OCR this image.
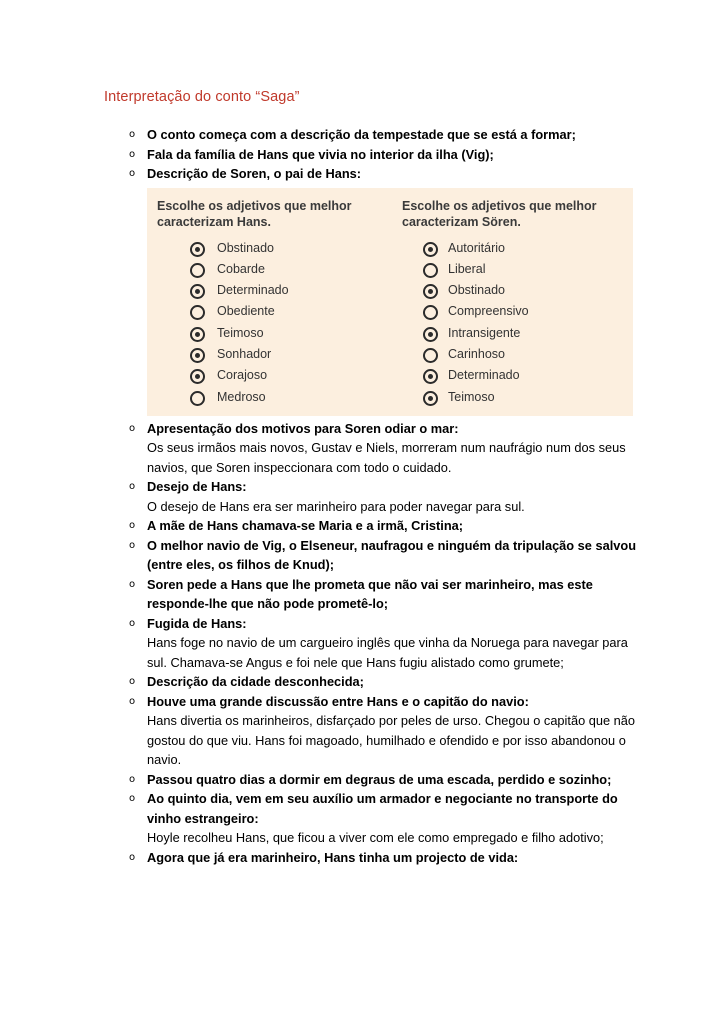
Interpretação do conto “Saga”
o O conto começa com a descrição da tempestade que se está a formar;
o Fala da família de Hans que vivia no interior da ilha (Vig);
o Descrição de Soren, o pai de Hans:
Escolhe os adjetivos que melhor caracterizam Hans.
Obstinado
Cobarde
Determinado
Obediente
Teimoso
Sonhador
Corajoso
Medroso
Escolhe os adjetivos que melhor caracterizam Sören.
Autoritário
Liberal
Obstinado
Compreensivo
Intransigente
Carinhoso
Determinado
Teimoso
o Apresentação dos motivos para Soren odiar o mar:
Os seus irmãos mais novos, Gustav e Niels, morreram num naufrágio num dos seus navios, que Soren inspeccionara com todo o cuidado.
o Desejo de Hans:
O desejo de Hans era ser marinheiro para poder navegar para sul.
o A mãe de Hans chamava-se Maria e a irmã, Cristina;
o O melhor navio de Vig, o Elseneur, naufragou e ninguém da tripulação se salvou (entre eles, os filhos de Knud);
o Soren pede a Hans que lhe prometa que não vai ser marinheiro, mas este responde-lhe que não pode prometê-lo;
o Fugida de Hans:
Hans foge no navio de um cargueiro inglês que vinha da Noruega para navegar para sul. Chamava-se Angus e foi nele que Hans fugiu alistado como grumete;
o Descrição da cidade desconhecida;
o Houve uma grande discussão entre Hans e o capitão do navio:
Hans divertia os marinheiros, disfarçado por peles de urso. Chegou o capitão que não gostou do que viu. Hans foi magoado, humilhado e ofendido e por isso abandonou o navio.
o Passou quatro dias a dormir em degraus de uma escada, perdido e sozinho;
o Ao quinto dia, vem em seu auxílio um armador e negociante no transporte do vinho estrangeiro:
Hoyle recolheu Hans, que ficou a viver com ele como empregado e filho adotivo;
o Agora que já era marinheiro, Hans tinha um projecto de vida:
